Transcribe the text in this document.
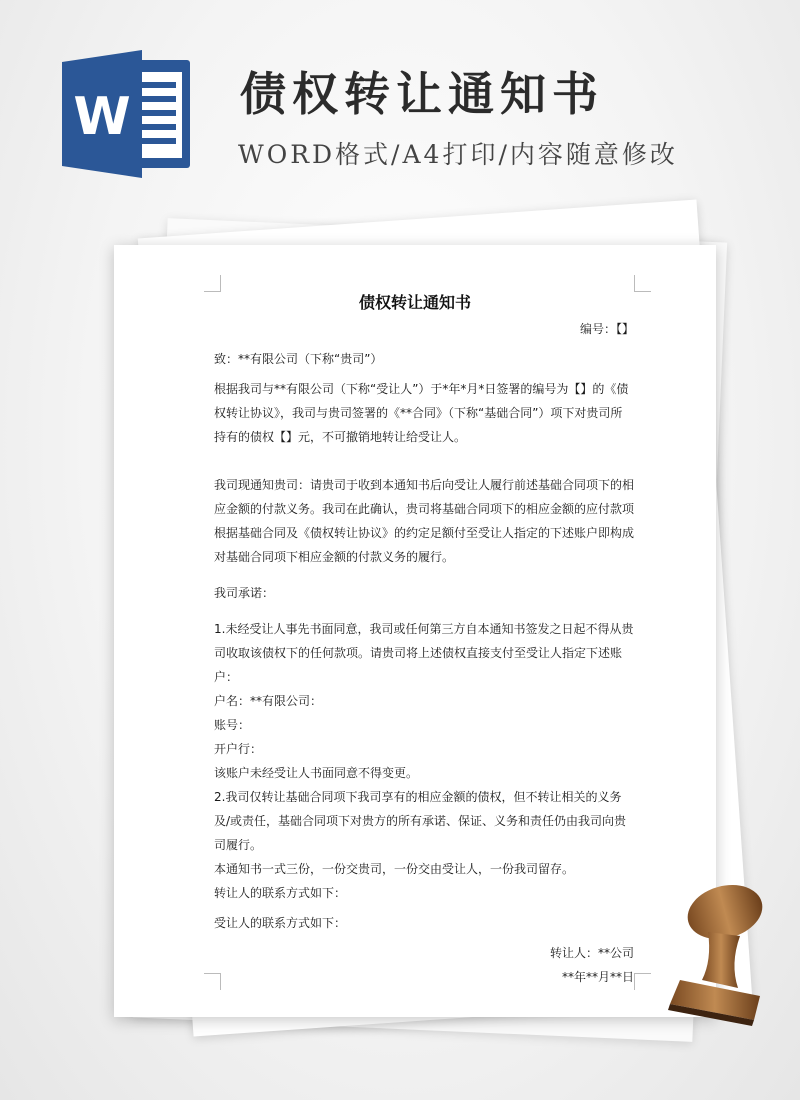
W 债权转让通知书
WORD格式/A4打印/内容随意修改
债权转让通知书

编号：【】

致：**有限公司（下称“贵司”）

根据我司与**有限公司（下称“受让人”）于*年*月*日签署的编号为【】的《债权转让协议》，我司与贵司签署的《**合同》（下称“基础合同”）项下对贵司所持有的债权【】元，不可撤销地转让给受让人。

我司现通知贵司：请贵司于收到本通知书后向受让人履行前述基础合同项下的相应金额的付款义务。我司在此确认，贵司将基础合同项下的相应金额的应付款项根据基础合同及《债权转让协议》的约定足额付至受让人指定的下述账户即构成对基础合同项下相应金额的付款义务的履行。

我司承诺：

1.未经受让人事先书面同意，我司或任何第三方自本通知书签发之日起不得从贵司收取该债权下的任何款项。请贵司将上述债权直接支付至受让人指定下述账户：

户名：**有限公司：

账号：

开户行：

该账户未经受让人书面同意不得变更。

2.我司仅转让基础合同项下我司享有的相应金额的债权，但不转让相关的义务及/或责任，基础合同项下对贵方的所有承诺、保证、义务和责任仍由我司向贵司履行。

本通知书一式三份，一份交贵司，一份交由受让人，一份我司留存。

转让人的联系方式如下：

受让人的联系方式如下：

转让人：**公司

**年**月**日
